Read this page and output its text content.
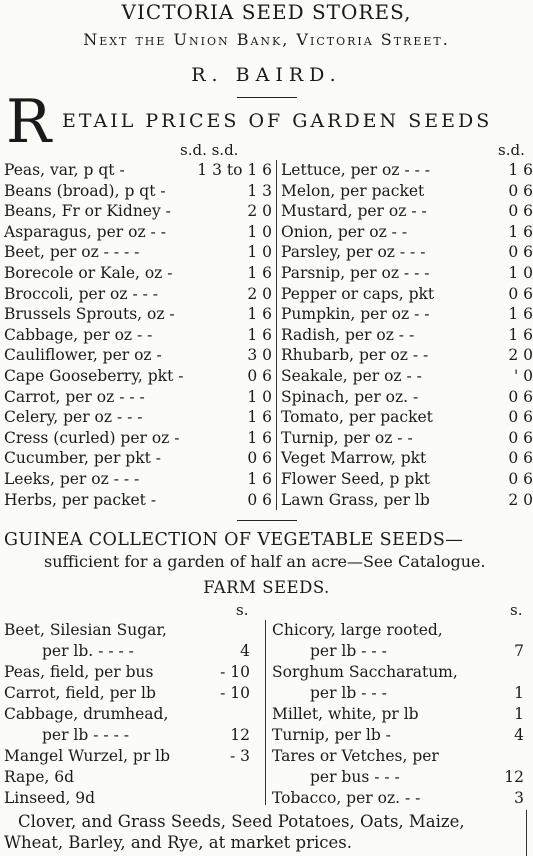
VICTORIA SEED STORES,
Next the Union Bank, Victoria Street.
R. BAIRD.
R ETAIL PRICES OF GARDEN SEEDS
s.d. s.d.	s.d.
Peas, var, p qt -	1 3 to 1 6
Beans (broad), p qt -	1 3
Beans, Fr or Kidney -	2 0
Asparagus, per oz - -	1 0
Beet, per oz - - - -	1 0
Borecole or Kale, oz -	1 6
Broccoli, per oz - - -	2 0
Brussels Sprouts, oz -	1 6
Cabbage, per oz - -	1 6
Cauliflower, per oz -	3 0
Cape Gooseberry, pkt -	0 6
Carrot, per oz - - -	1 0
Celery, per oz - - -	1 6
Cress (curled) per oz -	1 6
Cucumber, per pkt -	0 6
Leeks, per oz - - -	1 6
Herbs, per packet -	0 6
Lettuce, per oz - - -	1 6
Melon, per packet	0 6
Mustard, per oz - -	0 6
Onion, per oz - -	1 6
Parsley, per oz - - -	0 6
Parsnip, per oz - - -	1 0
Pepper or caps, pkt	0 6
Pumpkin, per oz - -	1 6
Radish, per oz - -	1 6
Rhubarb, per oz - -	2 0
Seakale, per oz - -	' 0
Spinach, per oz. -	0 6
Tomato, per packet	0 6
Turnip, per oz - -	0 6
Veget Marrow, pkt	0 6
Flower Seed, p pkt	0 6
Lawn Grass, per lb	2 0
GUINEA COLLECTION OF VEGETABLE SEEDS—
sufficient for a garden of half an acre—See Catalogue.
FARM SEEDS.
s.	s.
Beet, Silesian Sugar,
per lb. - - - -	4
Peas, field, per bus	- 10
Carrot, field, per lb	- 10
Cabbage, drumhead,
per lb - - - -	12
Mangel Wurzel, pr lb	- 3
Rape, 6d
Linseed, 9d
Chicory, large rooted,
per lb - - -	7
Sorghum Saccharatum,
per lb - - -	1
Millet, white, pr lb	1
Turnip, per lb -	4
Tares or Vetches, per
per bus - - -	12
Tobacco, per oz. - -	3
Clover, and Grass Seeds, Seed Potatoes, Oats, Maize,
Wheat, Barley, and Rye, at market prices.
